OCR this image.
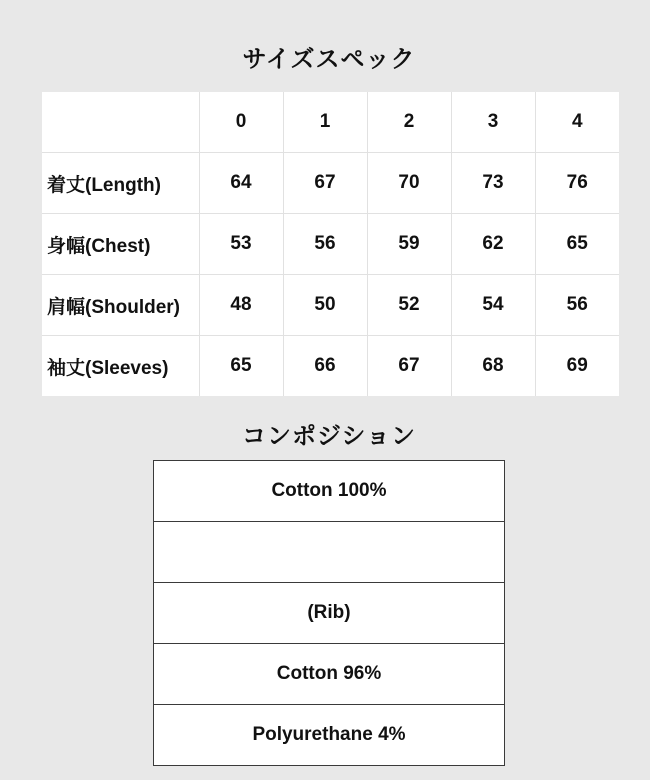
サイズスペック
	0	1	2	3	4
着丈(Length)	64	67	70	73	76
身幅(Chest)	53	56	59	62	65
肩幅(Shoulder)	48	50	52	54	56
袖丈(Sleeves)	65	66	67	68	69
コンポジション
Cotton 100%

(Rib)
Cotton 96%
Polyurethane 4%
